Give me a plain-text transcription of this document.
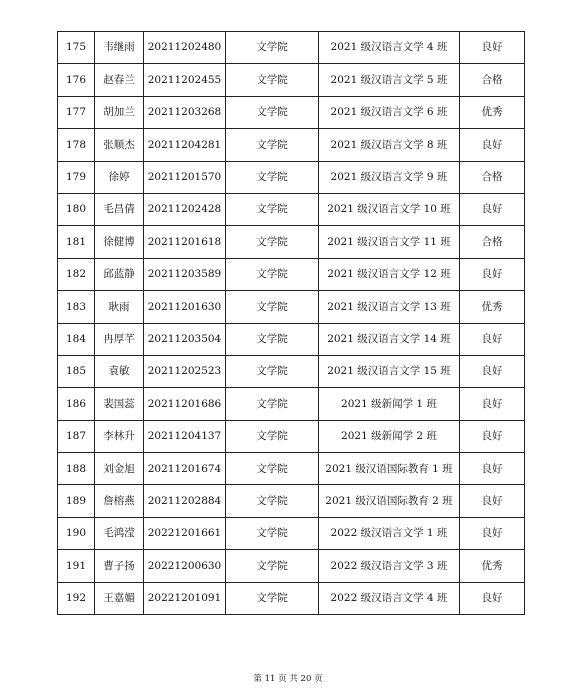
175	韦继雨	20211202480	文学院	2021 级汉语言文学 4 班	良好
176	赵春兰	20211202455	文学院	2021 级汉语言文学 5 班	合格
177	胡加兰	20211203268	文学院	2021 级汉语言文学 6 班	优秀
178	张顺杰	20211204281	文学院	2021 级汉语言文学 8 班	良好
179	徐婷	20211201570	文学院	2021 级汉语言文学 9 班	合格
180	毛昌倩	20211202428	文学院	2021 级汉语言文学 10 班	良好
181	徐健博	20211201618	文学院	2021 级汉语言文学 11 班	合格
182	邱蓝静	20211203589	文学院	2021 级汉语言文学 12 班	良好
183	耿雨	20211201630	文学院	2021 级汉语言文学 13 班	优秀
184	冉厚芊	20211203504	文学院	2021 级汉语言文学 14 班	良好
185	袁敏	20211202523	文学院	2021 级汉语言文学 15 班	良好
186	裴国蕊	20211201686	文学院	2021 级新闻学 1 班	良好
187	李林升	20211204137	文学院	2021 级新闻学 2 班	良好
188	刘金旭	20211201674	文学院	2021 级汉语国际教育 1 班	良好
189	詹榕燕	20211202884	文学院	2021 级汉语国际教育 2 班	良好
190	毛鸿滢	20221201661	文学院	2022 级汉语言文学 1 班	良好
191	曹子扬	20221200630	文学院	2022 级汉语言文学 3 班	优秀
192	王嘉媚	20221201091	文学院	2022 级汉语言文学 4 班	良好
第 11 页 共 20 页
